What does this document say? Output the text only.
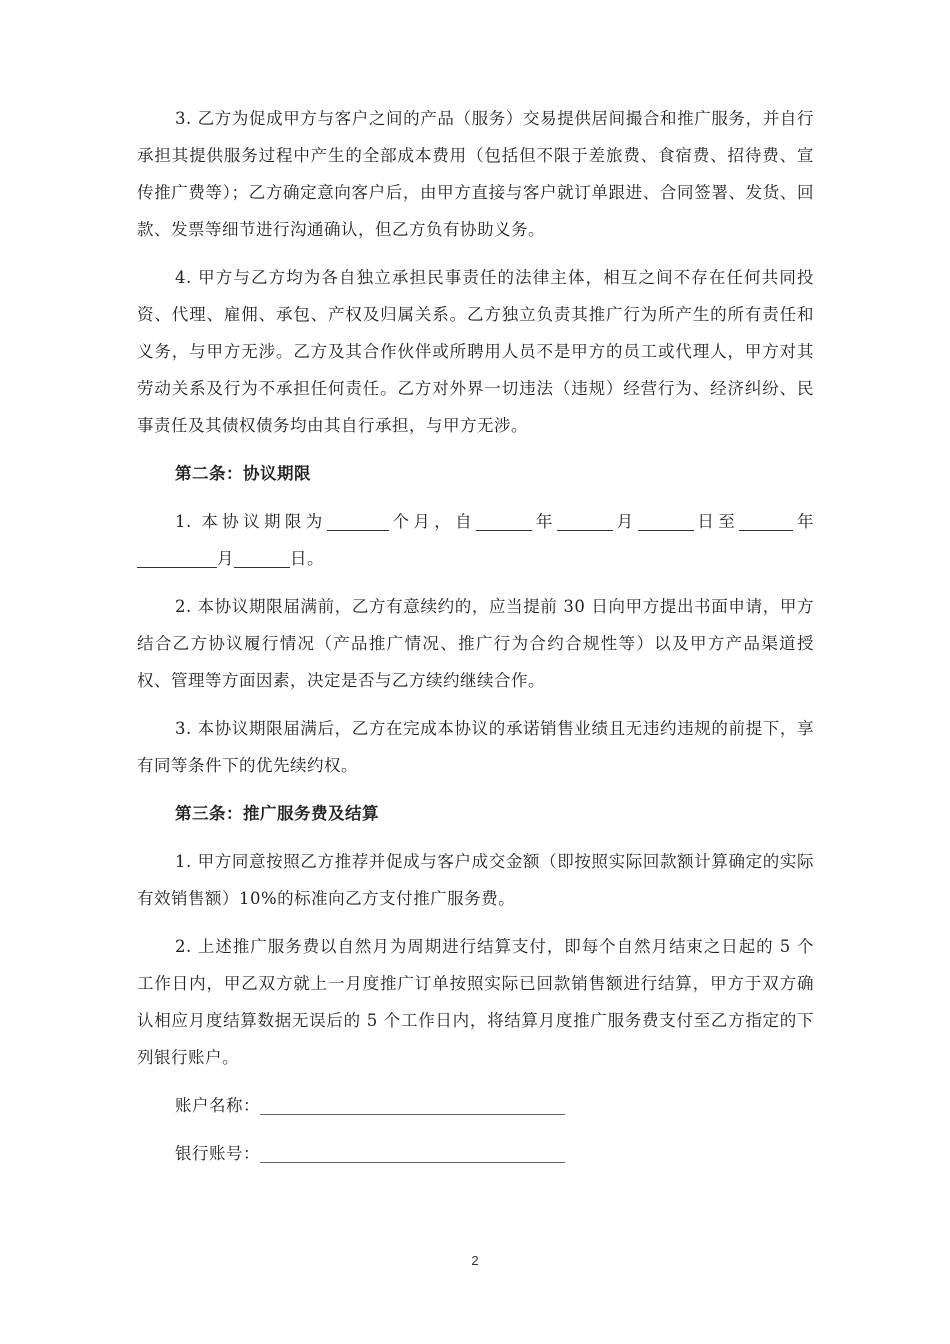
3. 乙方为促成甲方与客户之间的产品（服务）交易提供居间撮合和推广服务，并自行承担其提供服务过程中产生的全部成本费用（包括但不限于差旅费、食宿费、招待费、宣传推广费等）；乙方确定意向客户后，由甲方直接与客户就订单跟进、合同签署、发货、回款、发票等细节进行沟通确认，但乙方负有协助义务。

4. 甲方与乙方均为各自独立承担民事责任的法律主体，相互之间不存在任何共同投资、代理、雇佣、承包、产权及归属关系。乙方独立负责其推广行为所产生的所有责任和义务，与甲方无涉。乙方及其合作伙伴或所聘用人员不是甲方的员工或代理人，甲方对其劳动关系及行为不承担任何责任。乙方对外界一切违法（违规）经营行为、经济纠纷、民事责任及其债权债务均由其自行承担，与甲方无涉。

第二条：协议期限

1. 本协议期限为	个月，自	年	月	日至	年月	日。

2. 本协议期限届满前，乙方有意续约的，应当提前 30 日向甲方提出书面申请，甲方结合乙方协议履行情况（产品推广情况、推广行为合约合规性等）以及甲方产品渠道授权、管理等方面因素，决定是否与乙方续约继续合作。

3. 本协议期限届满后，乙方在完成本协议的承诺销售业绩且无违约违规的前提下，享有同等条件下的优先续约权。

第三条：推广服务费及结算

1. 甲方同意按照乙方推荐并促成与客户成交金额（即按照实际回款额计算确定的实际有效销售额）10%的标准向乙方支付推广服务费。

2. 上述推广服务费以自然月为周期进行结算支付，即每个自然月结束之日起的 5 个工作日内，甲乙双方就上一月度推广订单按照实际已回款销售额进行结算，甲方于双方确认相应月度结算数据无误后的 5 个工作日内，将结算月度推广服务费支付至乙方指定的下列银行账户。

账户名称：

银行账号：

2
